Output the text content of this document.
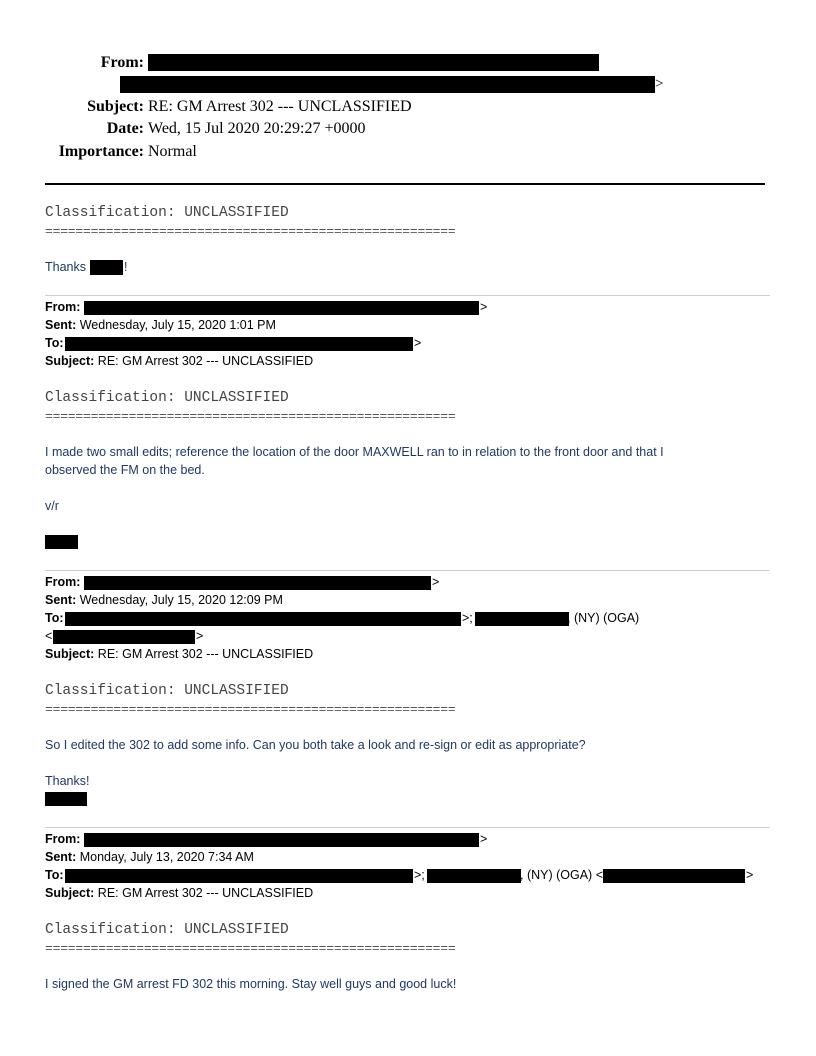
From:
>
Subject: RE: GM Arrest 302 --- UNCLASSIFIED
Date: Wed, 15 Jul 2020 20:29:27 +0000
Importance: Normal
Classification: UNCLASSIFIED
======================================================
Thanks	!
From:	>
Sent: Wednesday, July 15, 2020 1:01 PM
To:	>
Subject: RE: GM Arrest 302 --- UNCLASSIFIED
Classification: UNCLASSIFIED
======================================================
I made two small edits; reference the location of the door MAXWELL ran to in relation to the front door and that I
observed the FM on the bed.
v/r
From:	>
Sent: Wednesday, July 15, 2020 12:09 PM
To:	>;	, (NY) (OGA)
<	>
Subject: RE: GM Arrest 302 --- UNCLASSIFIED
Classification: UNCLASSIFIED
======================================================
So I edited the 302 to add some info. Can you both take a look and re-sign or edit as appropriate?
Thanks!
From:	>
Sent: Monday, July 13, 2020 7:34 AM
To:	>;	, (NY) (OGA) <	>
Subject: RE: GM Arrest 302 --- UNCLASSIFIED
Classification: UNCLASSIFIED
======================================================
I signed the GM arrest FD 302 this morning. Stay well guys and good luck!
